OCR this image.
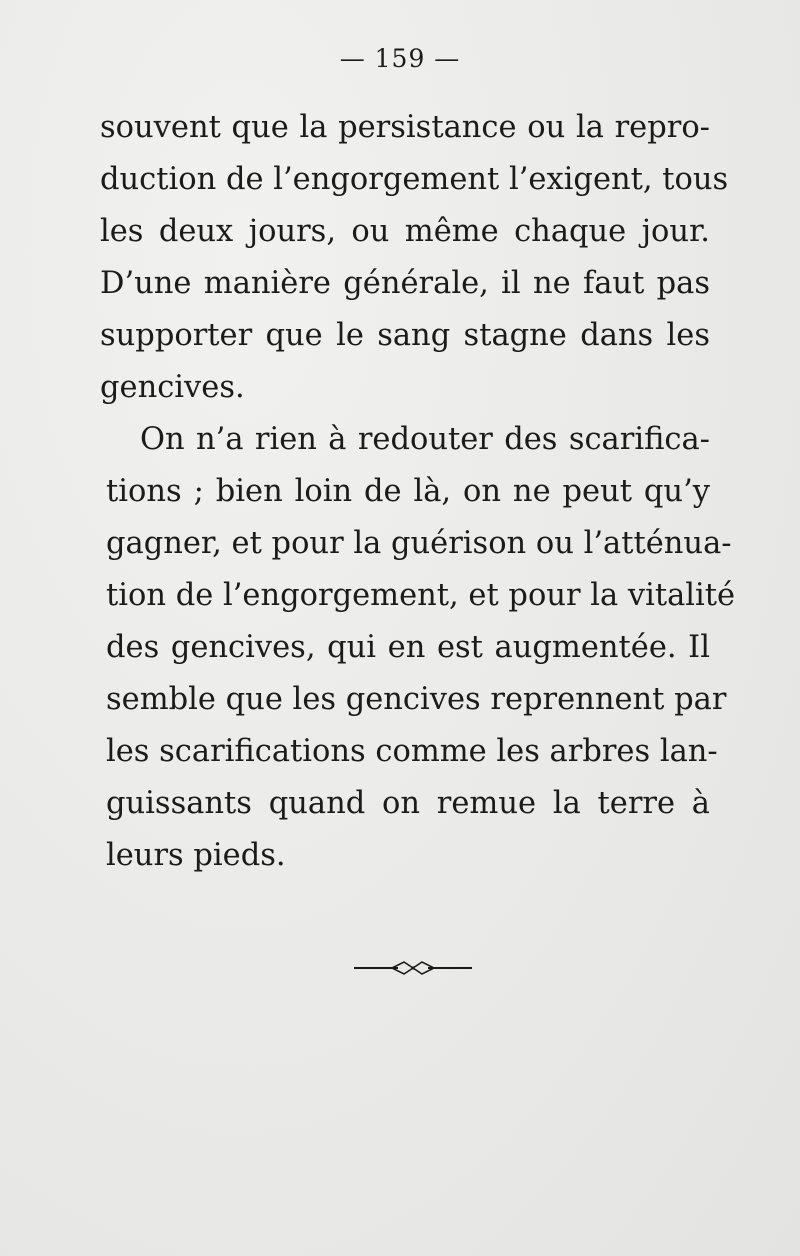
— 159 —
souvent que la persistance ou la repro-
duction de l’engorgement l’exigent, tous
les deux jours, ou même chaque jour.
D’une manière générale, il ne faut pas
supporter que le sang stagne dans les
gencives.
On n’a rien à redouter des scarifica-
tions ; bien loin de là, on ne peut qu’y
gagner, et pour la guérison ou l’atténua-
tion de l’engorgement, et pour la vitalité
des gencives, qui en est augmentée. Il
semble que les gencives reprennent par
les scarifications comme les arbres lan-
guissants quand on remue la terre à
leurs pieds.
